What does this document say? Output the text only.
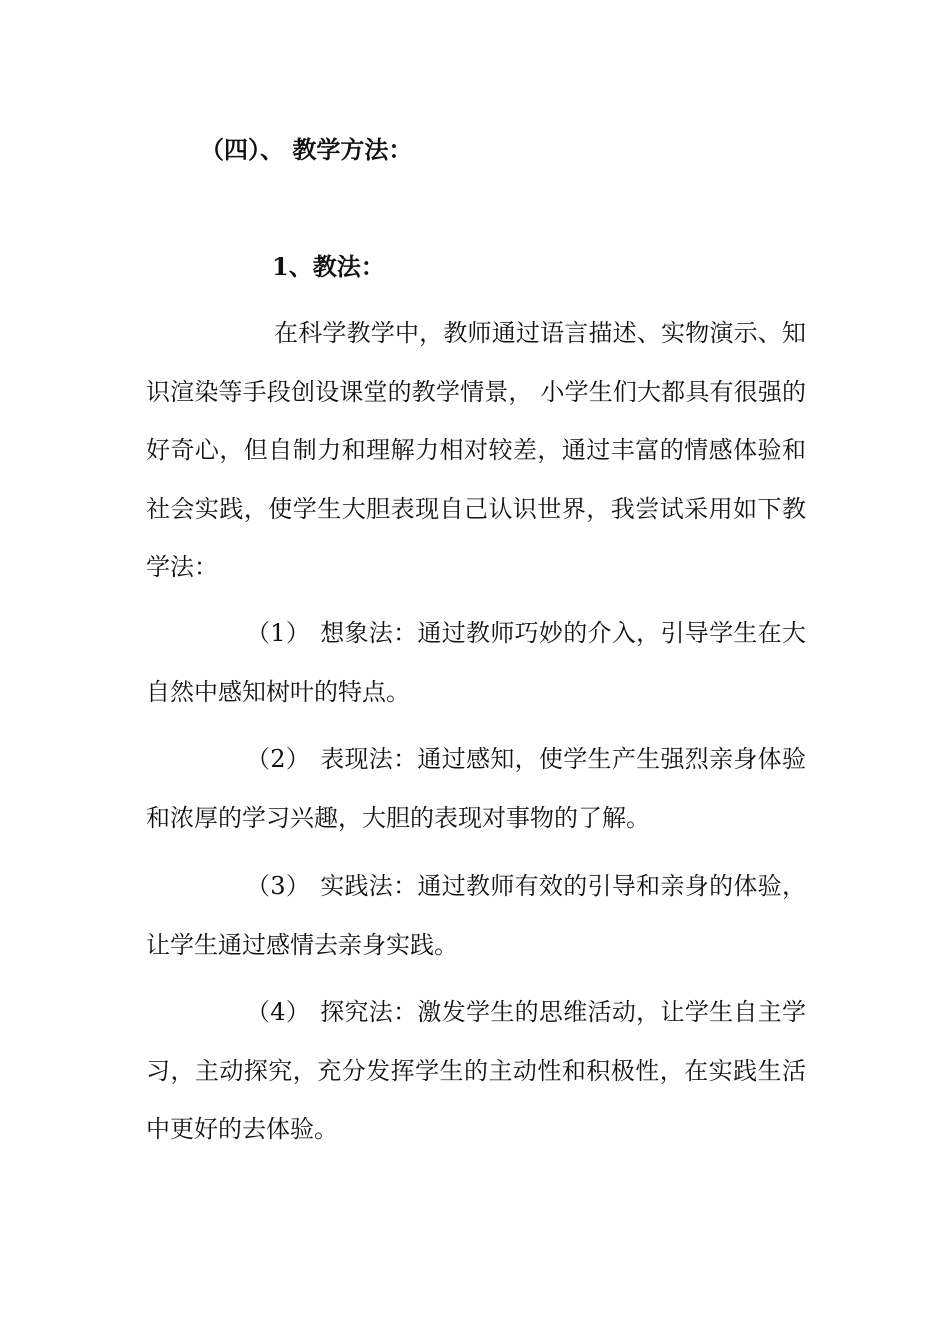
（四）、 教学方法：
1、教法：

在科学教学中，教师通过语言描述、实物演示、知识渲染等手段创设课堂的教学情景， 小学生们大都具有很强的好奇心，但自制力和理解力相对较差，通过丰富的情感体验和社会实践，使学生大胆表现自己认识世界，我尝试采用如下教学法：

（1） 想象法：通过教师巧妙的介入，引导学生在大自然中感知树叶的特点。

（2） 表现法：通过感知，使学生产生强烈亲身体验和浓厚的学习兴趣，大胆的表现对事物的了解。

（3） 实践法：通过教师有效的引导和亲身的体验，让学生通过感情去亲身实践。

（4） 探究法：激发学生的思维活动，让学生自主学习，主动探究，充分发挥学生的主动性和积极性，在实践生活中更好的去体验。
